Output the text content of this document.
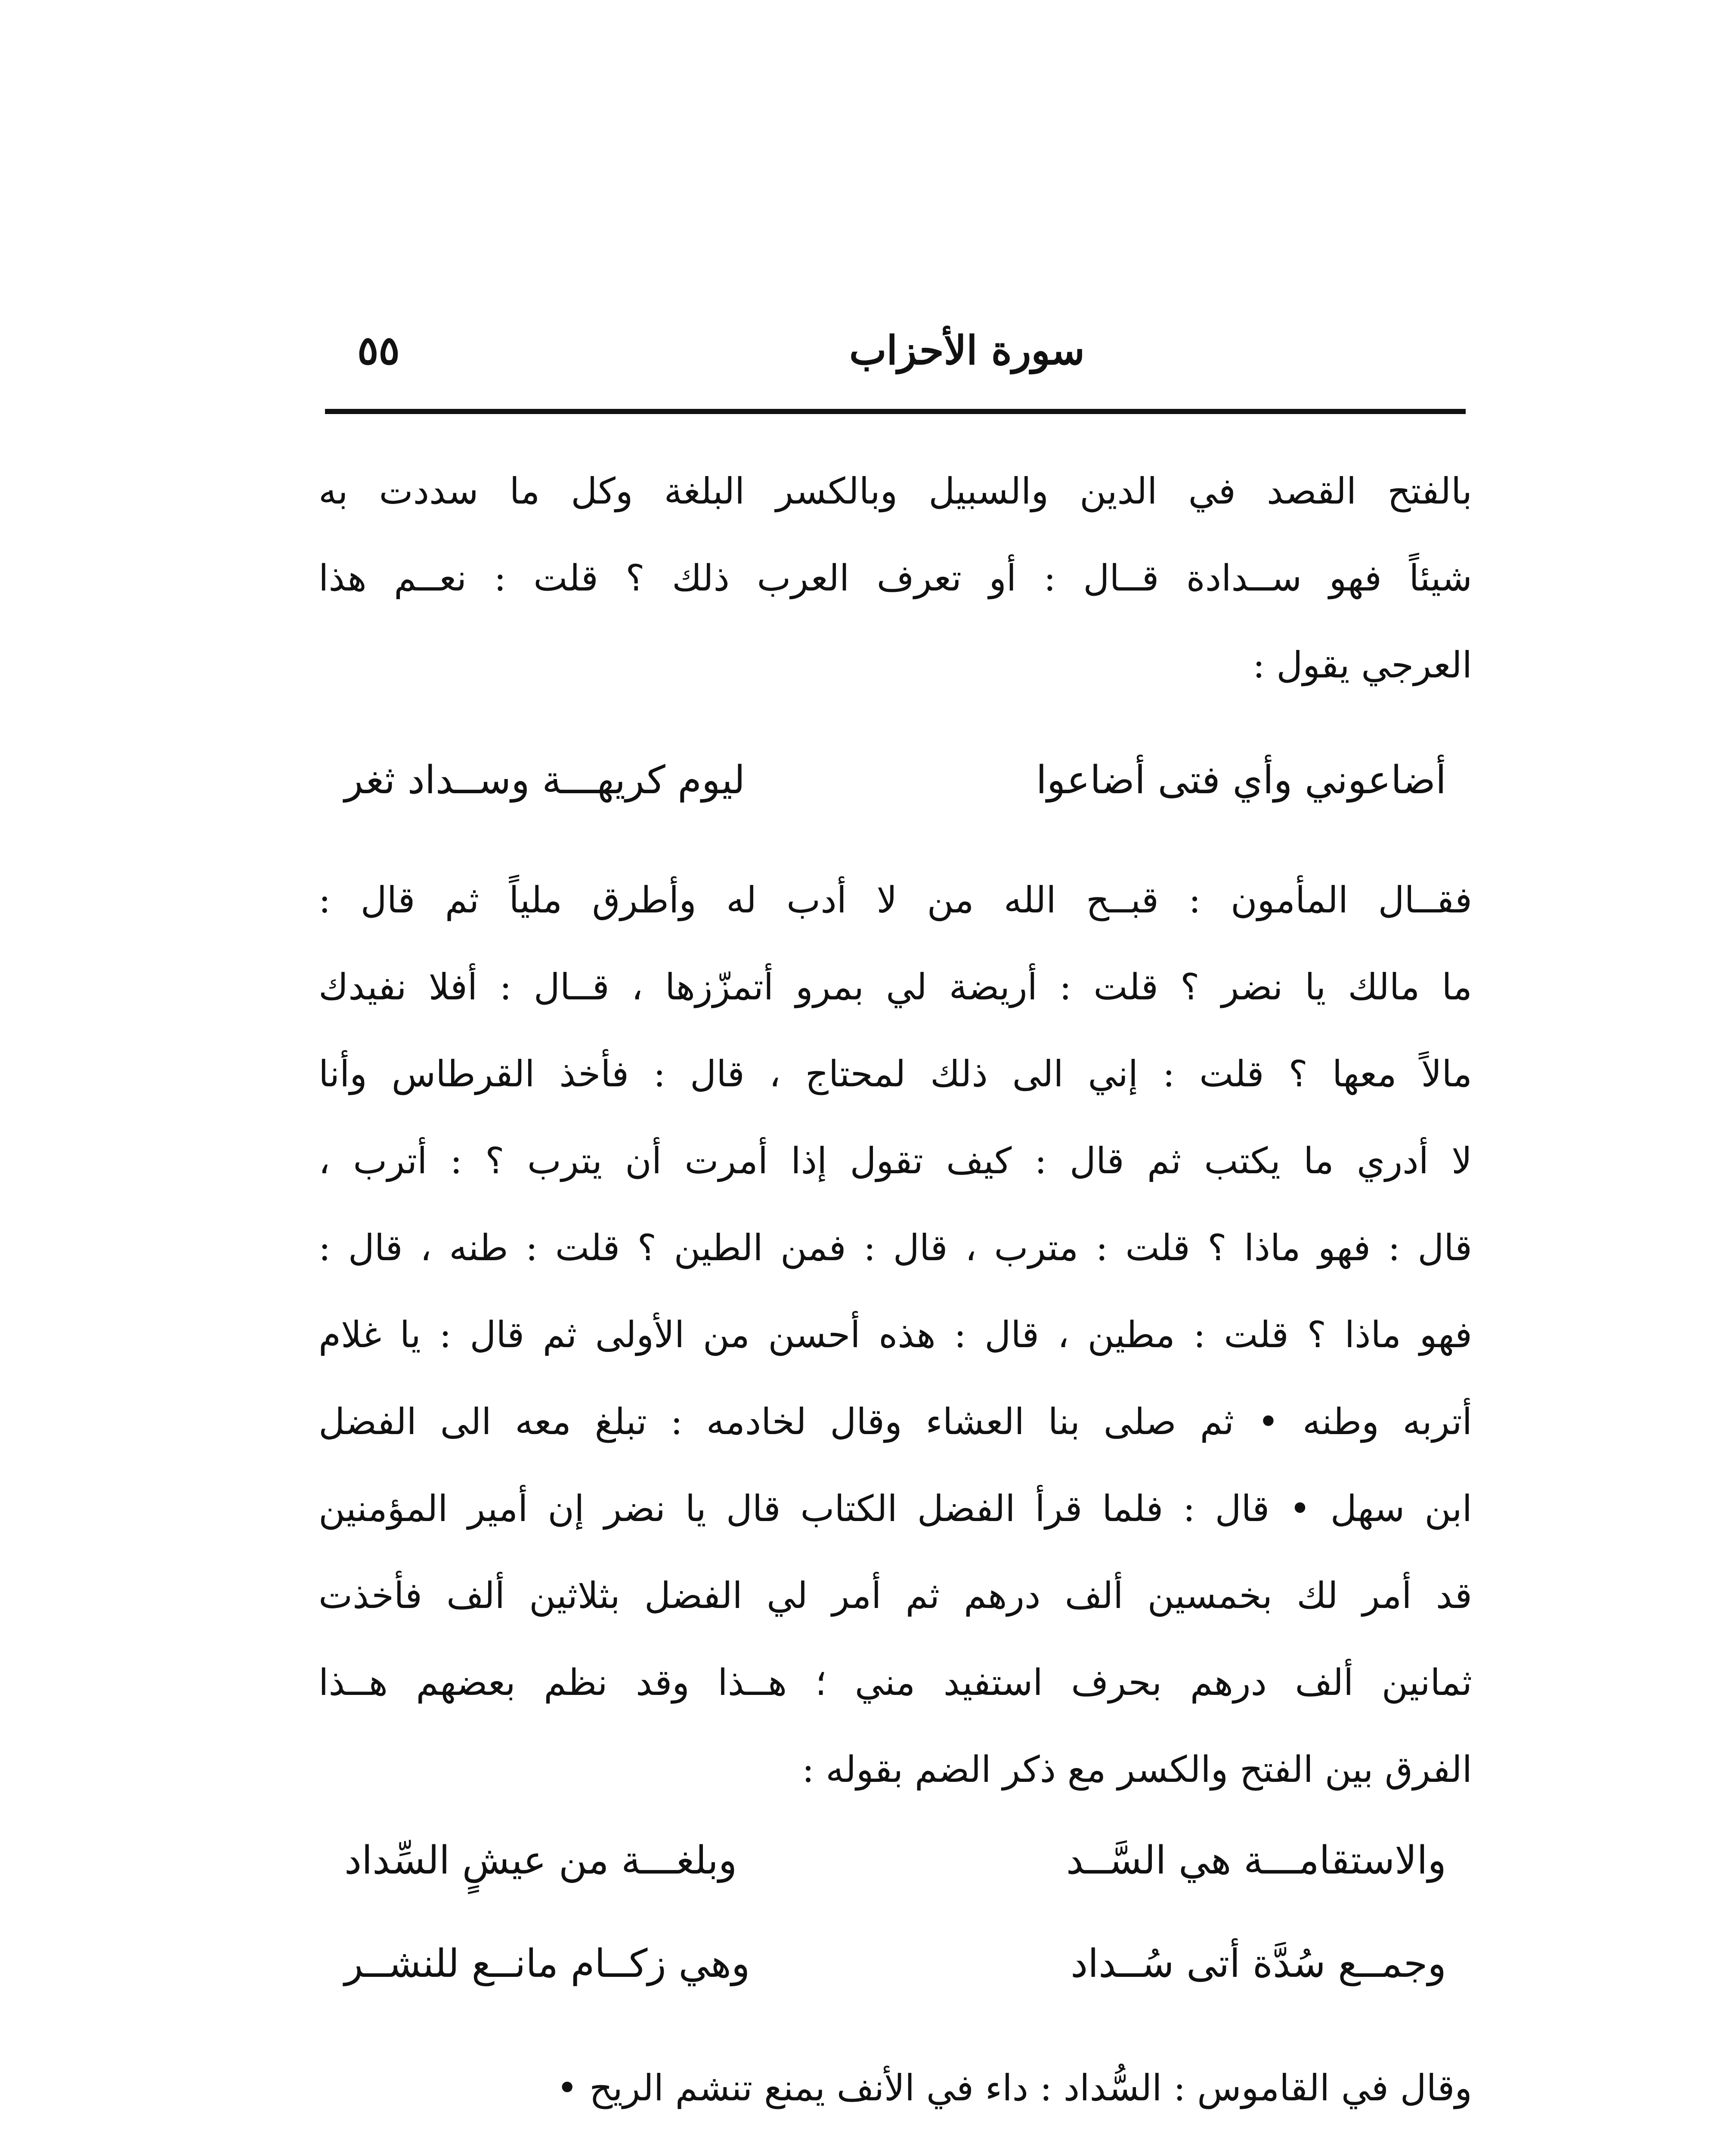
سورة الأحزاب
٥٥
بالفتح القصد في الدين والسبيل وبالكسر البلغة وكل ما سددت به
شيئاً فهو ســدادة قــال : أو تعرف العرب ذلك ؟ قلت : نعــم هذا
العرجي يقول :
أضاعوني وأي فتى أضاعوا
ليوم كريهـــة وســداد ثغر
فقــال المأمون : قبــح الله من لا أدب له وأطرق ملياً ثم قال :
ما مالك يا نضر ؟ قلت : أريضة لي بمرو أتمزّزها ، قــال : أفلا نفيدك
مالاً معها ؟ قلت : إني الى ذلك لمحتاج ، قال : فأخذ القرطاس وأنا
لا أدري ما يكتب ثم قال : كيف تقول إذا أمرت أن يترب ؟ : أترب ،
قال : فهو ماذا ؟ قلت : مترب ، قال : فمن الطين ؟ قلت : طنه ، قال :
فهو ماذا ؟ قلت : مطين ، قال : هذه أحسن من الأولى ثم قال : يا غلام
أتربه وطنه • ثم صلى بنا العشاء وقال لخادمه : تبلغ معه الى الفضل
ابن سهل • قال : فلما قرأ الفضل الكتاب قال يا نضر إن أمير المؤمنين
قد أمر لك بخمسين ألف درهم ثم أمر لي الفضل بثلاثين ألف فأخذت
ثمانين ألف درهم بحرف استفيد مني ؛ هــذا وقد نظم بعضهم هــذا
الفرق بين الفتح والكسر مع ذكر الضم بقوله :
والاستقامـــة هي السَّــد
وبلغـــة من عيشٍ السِّداد
وجمــع سُدَّة أتى سُــداد
وهي زكــام مانــع للنشــر
وقال في القاموس : السُّداد : داء في الأنف يمنع تنشم الريح •
